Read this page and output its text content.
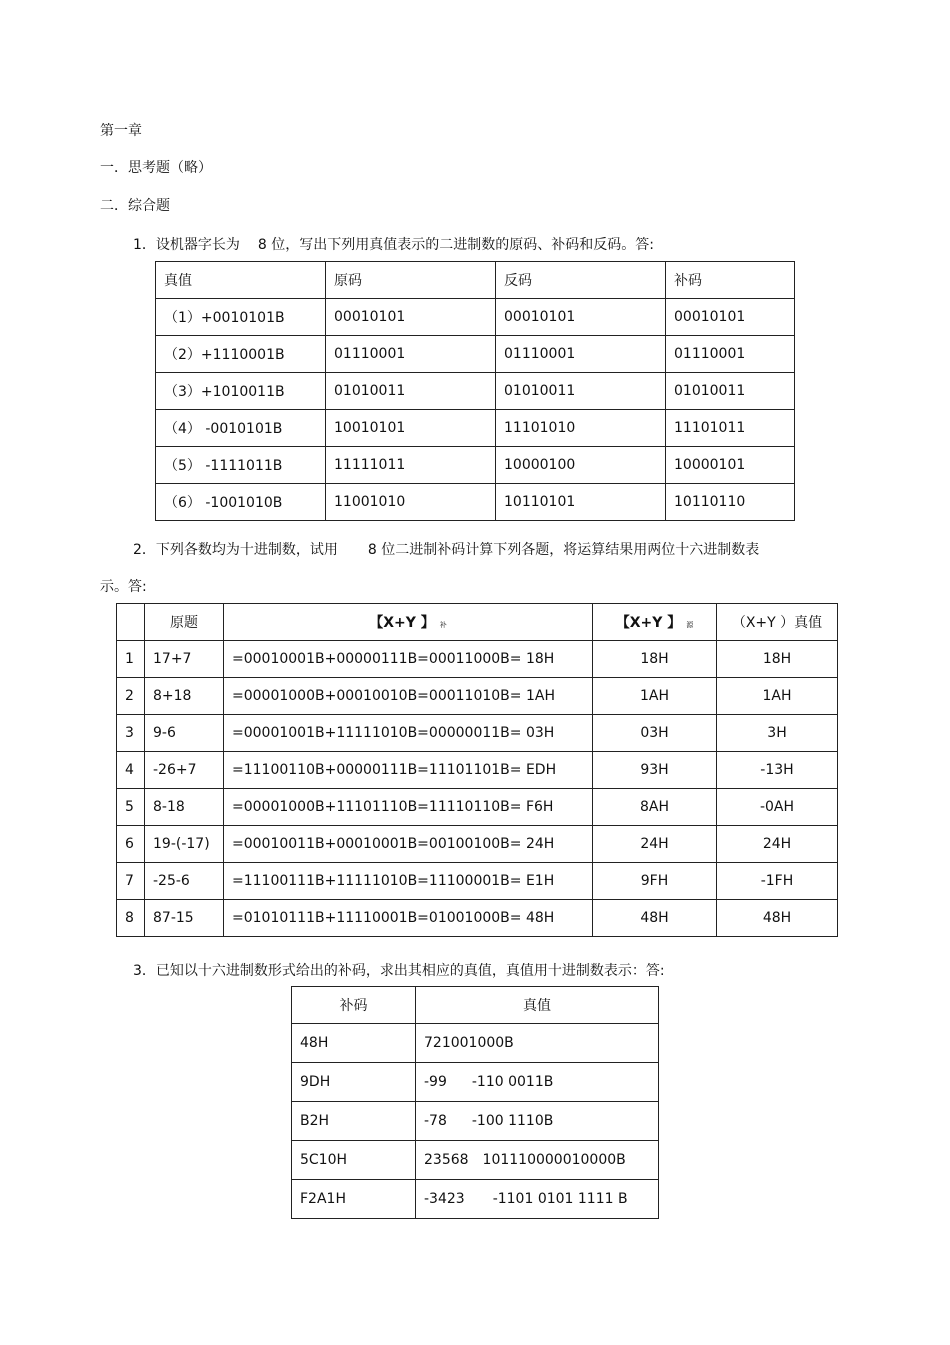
第一章
一．思考题（略）
二．综合题
1．设机器字长为 8 位，写出下列用真值表示的二进制数的原码、补码和反码。答:
真值	原码	反码	补码
（1）+0010101B	00010101	00010101	00010101
（2）+1110001B	01110001	01110001	01110001
（3）+1010011B	01010011	01010011	01010011
（4） -0010101B	10010101	11101010	11101011
（5） -1111011B	11111011	10000100	10000101
（6） -1001010B	11001010	10110101	10110110
2．下列各数均为十进制数，试用 8 位二进制补码计算下列各题，将运算结果用两位十六进制数表
示。答:
	原题	【X+Y 】 补	【X+Y 】 源	（X+Y ）真值
1	17+7	=00010001B+00000111B=00011000B= 18H	18H	18H
2	8+18	=00001000B+00010010B=00011010B= 1AH	1AH	1AH
3	9-6	=00001001B+11111010B=00000011B= 03H	03H	3H
4	-26+7	=11100110B+00000111B=11101101B= EDH	93H	-13H
5	8-18	=00001000B+11101110B=11110110B= F6H	8AH	-0AH
6	19-(-17)	=00010011B+00010001B=00100100B= 24H	24H	24H
7	-25-6	=11100111B+11111010B=11100001B= E1H	9FH	-1FH
8	87-15	=01010111B+11110001B=01001000B= 48H	48H	48H
3．已知以十六进制数形式给出的补码，求出其相应的真值，真值用十进制数表示：答:
补码	真值
48H	721001000B
9DH	-99 -110 0011B
B2H	-78 -100 1110B
5C10H	23568 101110000010000B
F2A1H	-3423 -1101 0101 1111 B
